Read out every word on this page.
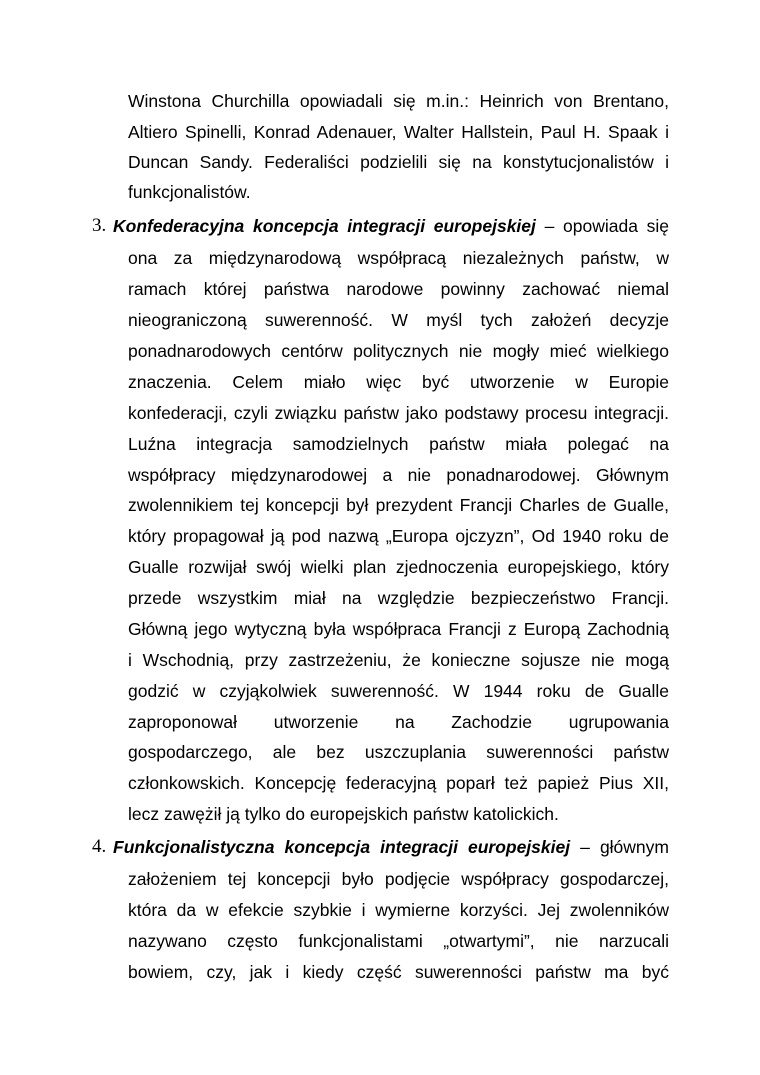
Winstona Churchilla opowiadali się m.in.: Heinrich von Brentano,
Altiero Spinelli, Konrad Adenauer, Walter Hallstein, Paul H. Spaak i
Duncan Sandy. Federaliści podzielili się na konstytucjonalistów i
funkcjonalistów.
3. Konfederacyjna koncepcja integracji europejskiej – opowiada się
ona za międzynarodową współpracą niezależnych państw, w
ramach której państwa narodowe powinny zachować niemal
nieograniczoną suwerenność. W myśl tych założeń decyzje
ponadnarodowych centórw politycznych nie mogły mieć wielkiego
znaczenia. Celem miało więc być utworzenie w Europie
konfederacji, czyli związku państw jako podstawy procesu integracji.
Luźna integracja samodzielnych państw miała polegać na
współpracy międzynarodowej a nie ponadnarodowej. Głównym
zwolennikiem tej koncepcji był prezydent Francji Charles de Gualle,
który propagował ją pod nazwą „Europa ojczyzn”, Od 1940 roku de
Gualle rozwijał swój wielki plan zjednoczenia europejskiego, który
przede wszystkim miał na względzie bezpieczeństwo Francji.
Główną jego wytyczną była współpraca Francji z Europą Zachodnią
i Wschodnią, przy zastrzeżeniu, że konieczne sojusze nie mogą
godzić w czyjąkolwiek suwerenność. W 1944 roku de Gualle
zaproponował utworzenie na Zachodzie ugrupowania
gospodarczego, ale bez uszczuplania suwerenności państw
członkowskich. Koncepcję federacyjną poparł też papież Pius XII,
lecz zawężił ją tylko do europejskich państw katolickich.
4. Funkcjonalistyczna koncepcja integracji europejskiej – głównym
założeniem tej koncepcji było podjęcie współpracy gospodarczej,
która da w efekcie szybkie i wymierne korzyści. Jej zwolenników
nazywano często funkcjonalistami „otwartymi”, nie narzucali
bowiem, czy, jak i kiedy część suwerenności państw ma być
